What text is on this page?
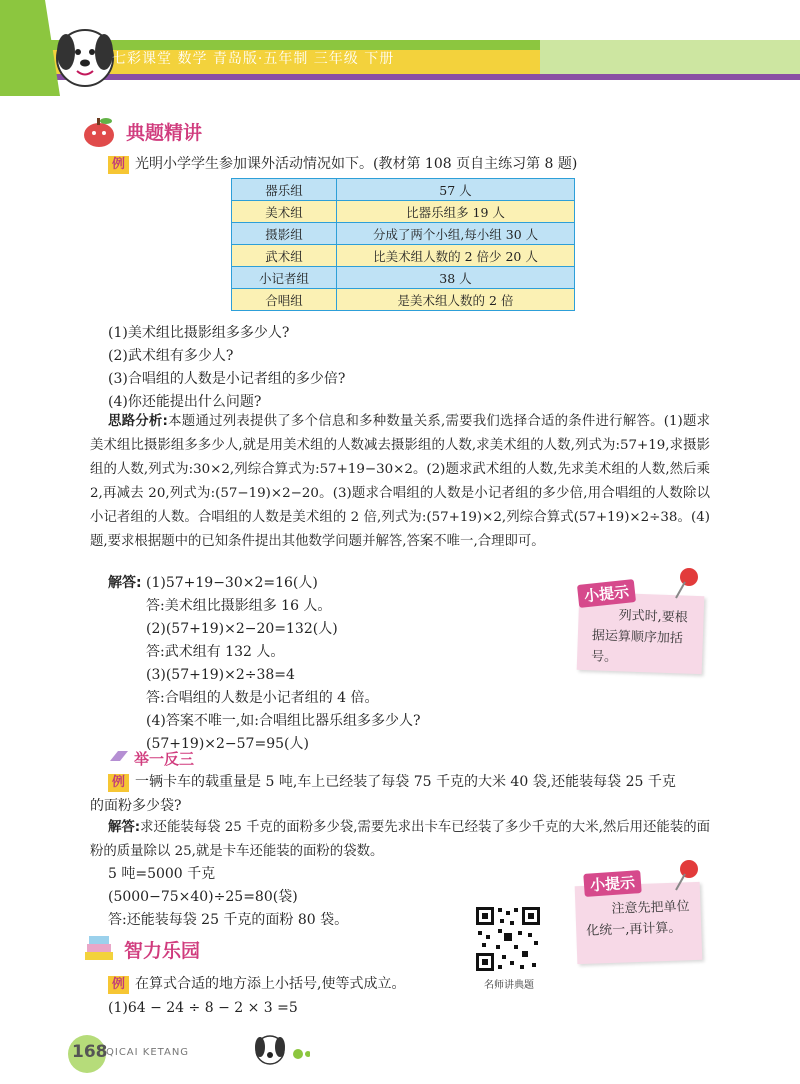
七彩课堂 数学 青岛版·五年制 三年级 下册
典题精讲
例 光明小学学生参加课外活动情况如下。(教材第 108 页自主练习第 8 题)
器乐组	57 人
美术组	比器乐组多 19 人
摄影组	分成了两个小组,每小组 30 人
武术组	比美术组人数的 2 倍少 20 人
小记者组	38 人
合唱组	是美术组人数的 2 倍
(1)美术组比摄影组多多少人?
(2)武术组有多少人?
(3)合唱组的人数是小记者组的多少倍?
(4)你还能提出什么问题?
思路分析:本题通过列表提供了多个信息和多种数量关系,需要我们选择合适的条件进行解答。(1)题求美术组比摄影组多多少人,就是用美术组的人数减去摄影组的人数,求美术组的人数,列式为:57+19,求摄影组的人数,列式为:30×2,列综合算式为:57+19−30×2。(2)题求武术组的人数,先求美术组的人数,然后乘 2,再减去 20,列式为:(57−19)×2−20。(3)题求合唱组的人数是小记者组的多少倍,用合唱组的人数除以小记者组的人数。合唱组的人数是美术组的 2 倍,列式为:(57+19)×2,列综合算式(57+19)×2÷38。(4)题,要求根据题中的已知条件提出其他数学问题并解答,答案不唯一,合理即可。
解答: (1)57+19−30×2=16(人)
答:美术组比摄影组多 16 人。
(2)(57+19)×2−20=132(人)
答:武术组有 132 人。
(3)(57+19)×2÷38=4
答:合唱组的人数是小记者组的 4 倍。
(4)答案不唯一,如:合唱组比器乐组多多少人?
(57+19)×2−57=95(人)
列式时,要根据运算顺序加括号。
小提示
举一反三
例 一辆卡车的载重量是 5 吨,车上已经装了每袋 75 千克的大米 40 袋,还能装每袋 25 千克
的面粉多少袋?
解答:求还能装每袋 25 千克的面粉多少袋,需要先求出卡车已经装了多少千克的大米,然后用还能装的面粉的质量除以 25,就是卡车还能装的面粉的袋数。
5 吨=5000 千克
(5000−75×40)÷25=80(袋)
答:还能装每袋 25 千克的面粉 80 袋。
名师讲典题
注意先把单位化统一,再计算。
小提示
智力乐园
例 在算式合适的地方添上小括号,使等式成立。
(1)64 − 24 ÷ 8 − 2 × 3 =5
168
QICAI KETANG
